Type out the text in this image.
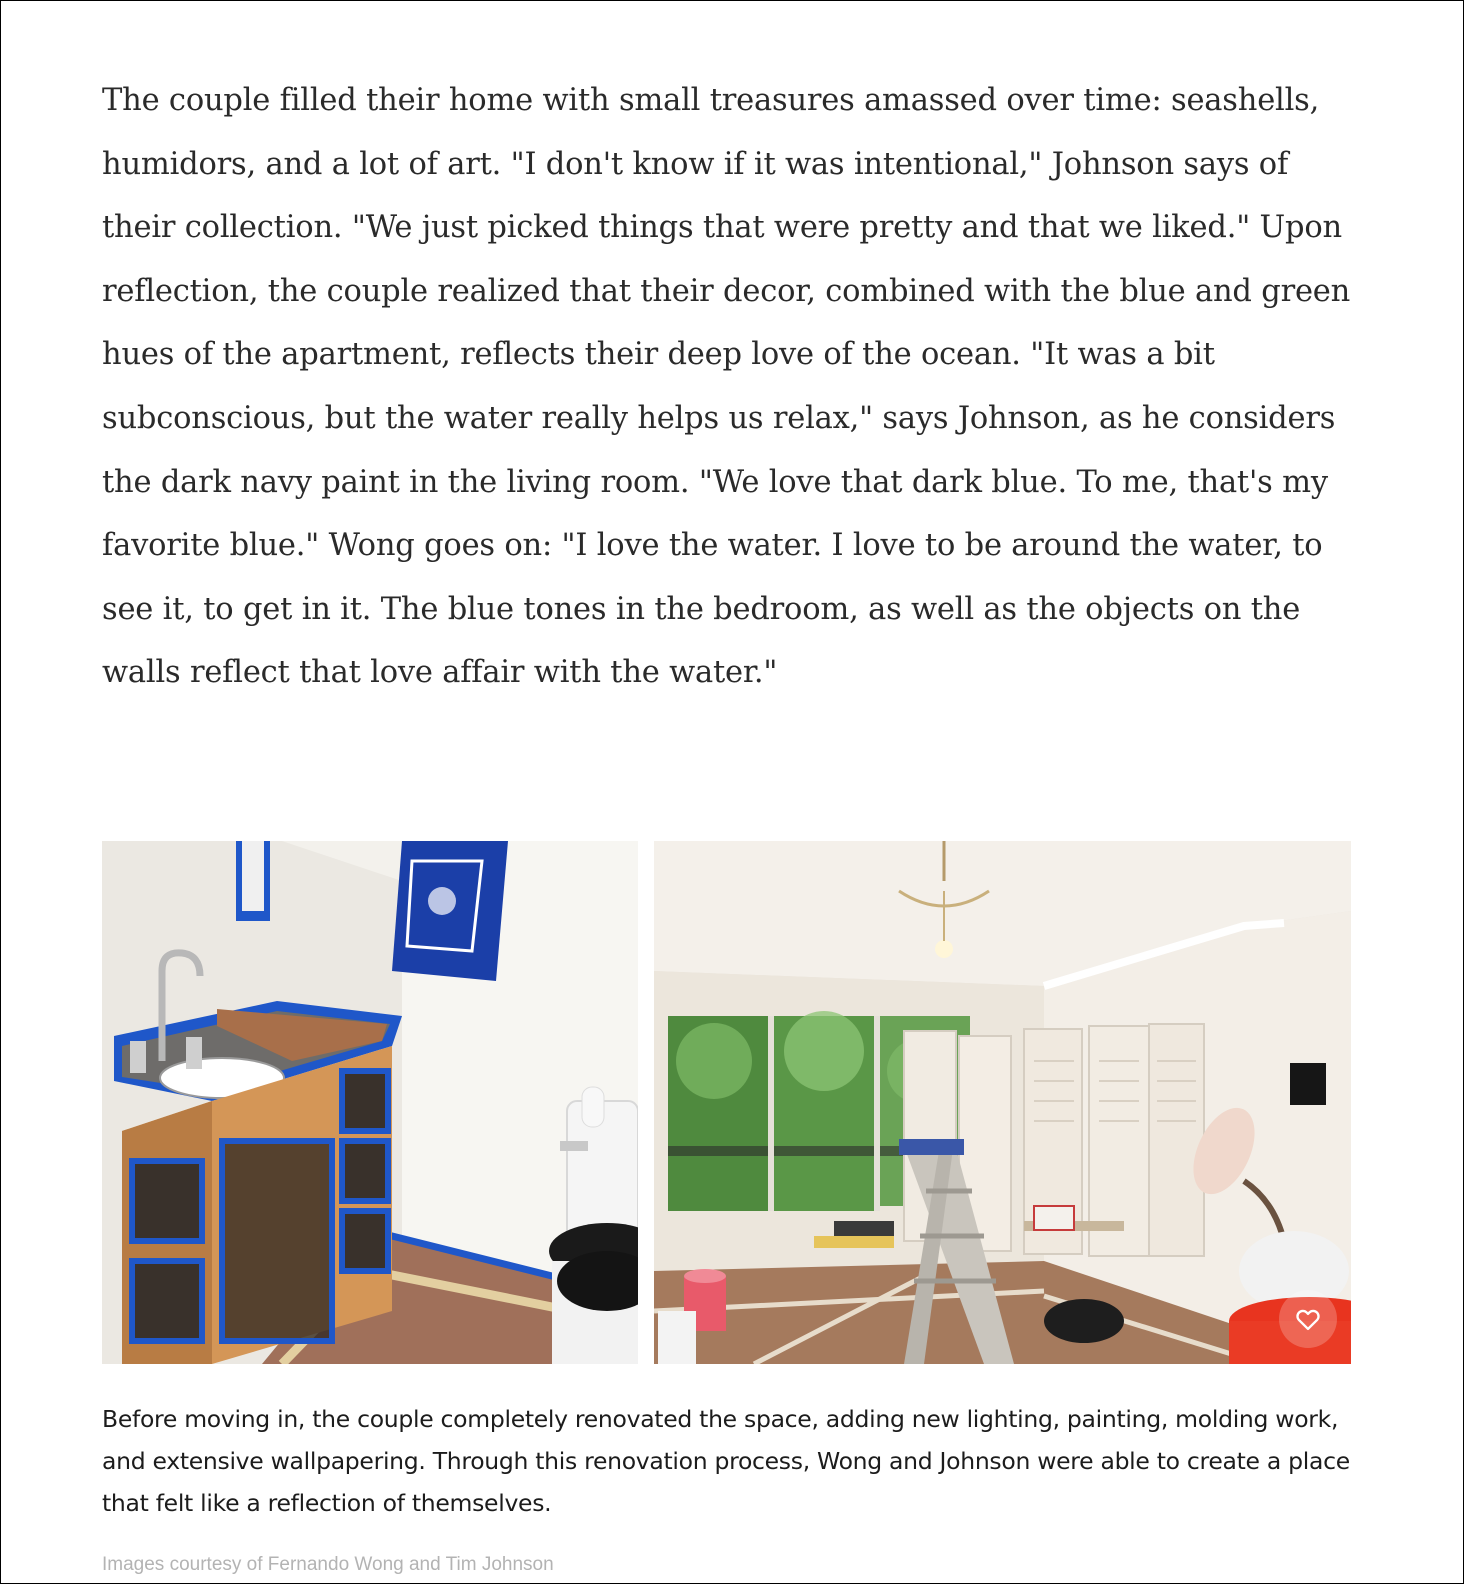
The couple filled their home with small treasures amassed over time: seashells, humidors, and a lot of art. "I don't know if it was intentional," Johnson says of their collection. "We just picked things that were pretty and that we liked." Upon reflection, the couple realized that their decor, combined with the blue and green hues of the apartment, reflects their deep love of the ocean. "It was a bit subconscious, but the water really helps us relax," says Johnson, as he considers the dark navy paint in the living room. "We love that dark blue. To me, that's my favorite blue." Wong goes on: "I love the water. I love to be around the water, to see it, to get in it. The blue tones in the bedroom, as well as the objects on the walls reflect that love affair with the water."

Before moving in, the couple completely renovated the space, adding new lighting, painting, molding work, and extensive wallpapering. Through this renovation process, Wong and Johnson were able to create a place that felt like a reflection of themselves.

Images courtesy of Fernando Wong and Tim Johnson
